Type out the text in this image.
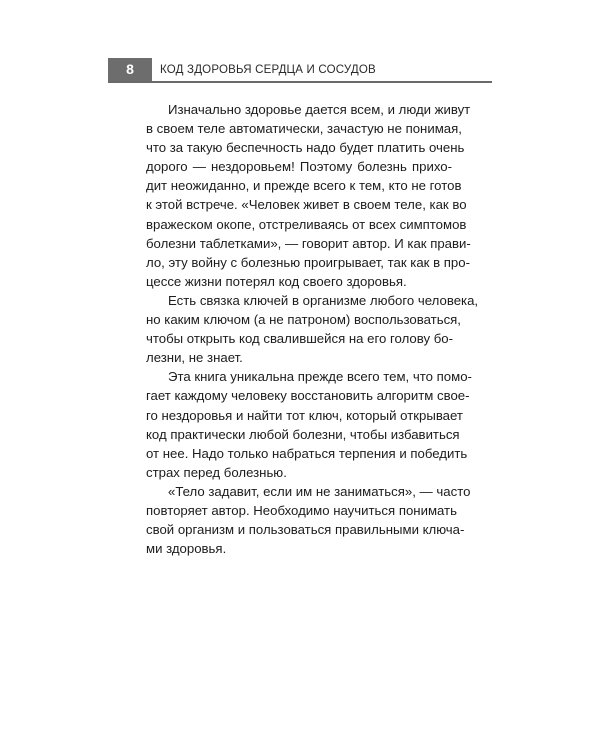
8	КОД ЗДОРОВЬЯ СЕРДЦА И СОСУДОВ
Изначально здоровье дается всем, и люди живут
в своем теле автоматически, зачастую не понимая,
что за такую беспечность надо будет платить очень
дорого — нездоровьем! Поэтому болезнь прихо-
дит неожиданно, и прежде всего к тем, кто не готов
к этой встрече. «Человек живет в своем теле, как во
вражеском окопе, отстреливаясь от всех симптомов
болезни таблетками», — говорит автор. И как прави-
ло, эту войну с болезнью проигрывает, так как в про-
цессе жизни потерял код своего здоровья.
Есть связка ключей в организме любого человека,
но каким ключом (а не патроном) воспользоваться,
чтобы открыть код свалившейся на его голову бо-
лезни, не знает.
Эта книга уникальна прежде всего тем, что помо-
гает каждому человеку восстановить алгоритм свое-
го нездоровья и найти тот ключ, который открывает
код практически любой болезни, чтобы избавиться
от нее. Надо только набраться терпения и победить
страх перед болезнью.
«Тело задавит, если им не заниматься», — часто
повторяет автор. Необходимо научиться понимать
свой организм и пользоваться правильными ключа-
ми здоровья.
